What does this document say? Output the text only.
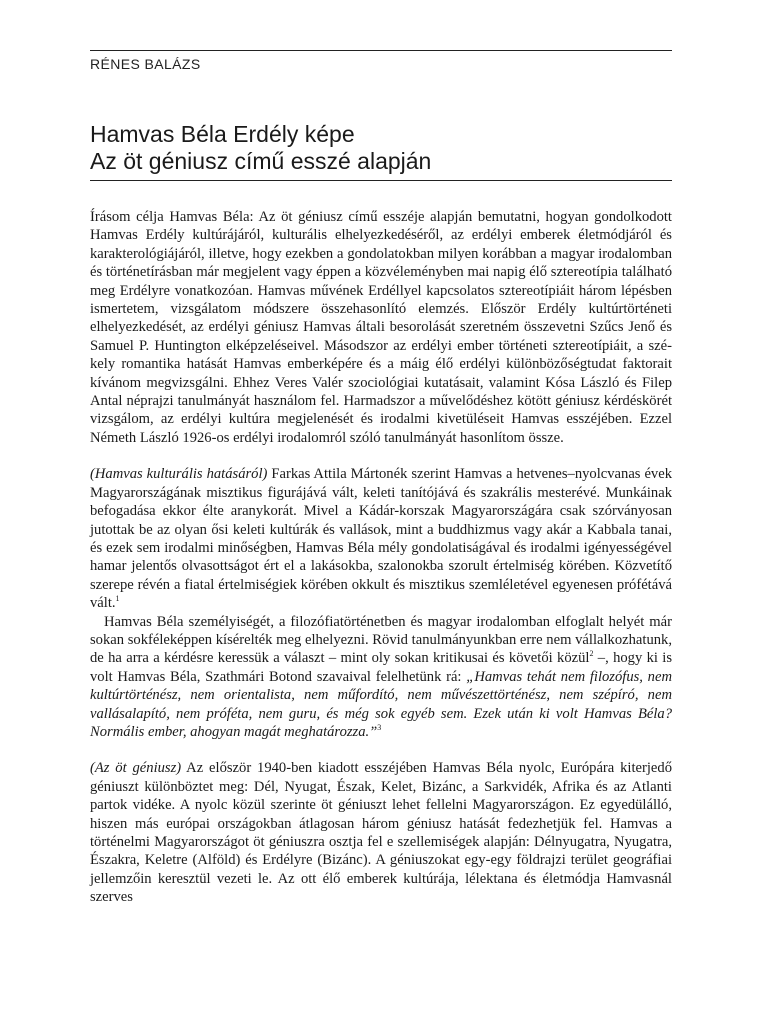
RÉNES BALÁZS
Hamvas Béla Erdély képe
Az öt géniusz című esszé alapján

Írásom célja Hamvas Béla: Az öt géniusz című esszéje alapján bemutatni, hogyan gondolkodott Hamvas Erdély kultúrájáról, kulturális elhelyezkedéséről, az erdélyi emberek életmódjáról és karakterológiájáról, illetve, hogy ezekben a gondolatokban milyen korábban a magyar irodalomban és történetírásban már megjelent vagy éppen a közvéleményben mai napig élő sztereotípia található meg Erdélyre vonatkozóan. Hamvas művének Erdéllyel kapcsolatos sztereotípiáit három lépésben ismertetem, vizsgálatom módszere összehasonlító elemzés. Először Erdély kultúrtörténeti elhelyezkedését, az erdélyi géniusz Hamvas általi besorolását szeretném összevetni Szűcs Jenő és Samuel P. Huntington elképzeléseivel. Másodszor az erdélyi ember történeti sztereotípiáit, a székely romantika hatását Hamvas emberképére és a máig élő erdélyi különbözőségtudat faktorait kívánom megvizsgálni. Ehhez Veres Valér szociológiai kutatásait, valamint Kósa László és Filep Antal néprajzi tanulmányát használom fel. Harmadszor a művelődéshez kötött géniusz kérdéskörét vizsgálom, az erdélyi kultúra megjelenését és irodalmi kivetüléseit Hamvas esszéjében. Ezzel Németh László 1926-os erdélyi irodalomról szóló tanulmányát hasonlítom össze.

(Hamvas kulturális hatásáról) Farkas Attila Mártonék szerint Hamvas a hetvenes–nyolcvanas évek Magyarországának misztikus figurájává vált, keleti tanítójává és szakrális mesterévé. Munkáinak befogadása ekkor élte aranykorát. Mivel a Kádár-korszak Magyarországára csak szórványosan jutottak be az olyan ősi keleti kultúrák és vallások, mint a buddhizmus vagy akár a Kabbala tanai, és ezek sem irodalmi minőségben, Hamvas Béla mély gondolatiságával és irodalmi igényességével hamar jelentős olvasottságot ért el a lakásokba, szalonokba szorult értelmiség körében. Közvetítő szerepe révén a fiatal értelmiségiek körében okkult és misztikus szemléletével egyenesen prófétává vált.$^1$

Hamvas Béla személyiségét, a filozófiatörténetben és magyar irodalomban elfoglalt helyét már sokan sokféleképpen kísérelték meg elhelyezni. Rövid tanulmányunkban erre nem vállalkozhatunk, de ha arra a kérdésre keressük a választ – mint oly sokan kritikusai és követői közül$^2$ –, hogy ki is volt Hamvas Béla, Szathmári Botond szavaival felelhetünk rá: „Hamvas tehát nem filozófus, nem kultúrtörténész, nem orientalista, nem műfordító, nem művészettörténész, nem szépíró, nem vallásalapító, nem próféta, nem guru, és még sok egyéb sem. Ezek után ki volt Hamvas Béla? Normális ember, ahogyan magát meghatározza.”$^3$

(Az öt géniusz) Az először 1940-ben kiadott esszéjében Hamvas Béla nyolc, Európára kiterjedő géniuszt különböztet meg: Dél, Nyugat, Észak, Kelet, Bizánc, a Sarkvidék, Afrika és az Atlanti partok vidéke. A nyolc közül szerinte öt géniuszt lehet fellelni Magyarországon. Ez egyedülálló, hiszen más európai országokban átlagosan három géniusz hatását fedezhetjük fel. Hamvas a történelmi Magyarországot öt géniuszra osztja fel e szellemiségek alapján: Délnyugatra, Nyugatra, Északra, Keletre (Alföld) és Erdélyre (Bizánc). A géniuszokat egy-egy földrajzi terület geográfiai jellemzőin keresztül vezeti le. Az ott élő emberek kultúrája, lélektana és életmódja Hamvasnál szerves
